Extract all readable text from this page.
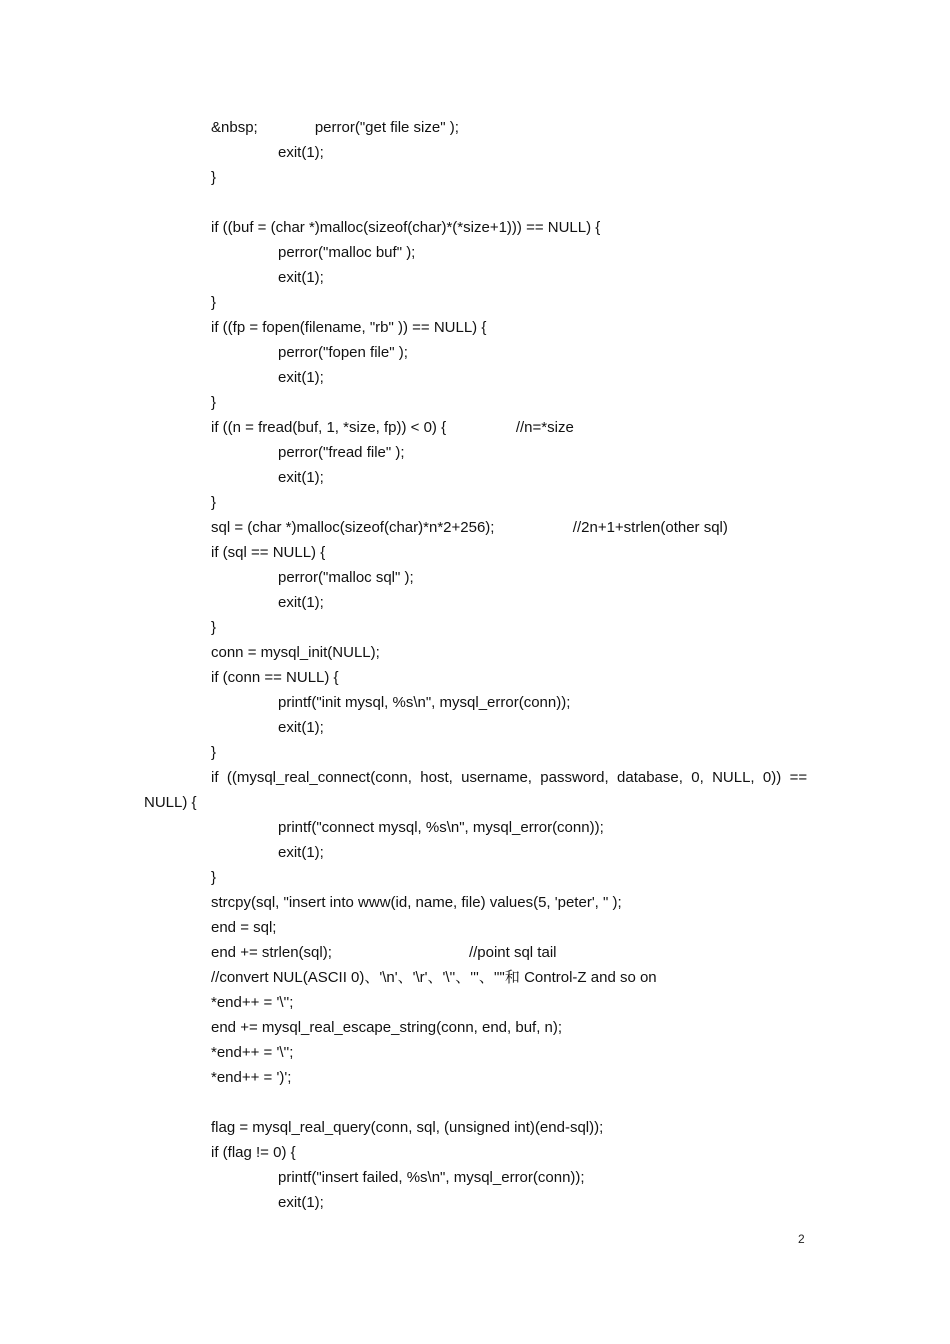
&nbsp;	perror("get file size" );
exit(1);
}
if ((buf = (char *)malloc(sizeof(char)*(*size+1))) == NULL) {
perror("malloc buf" );
exit(1);
}
if ((fp = fopen(filename, "rb" )) == NULL) {
perror("fopen file" );
exit(1);
}
if ((n = fread(buf, 1, *size, fp)) < 0) {	//n=*size
perror("fread file" );
exit(1);
}
sql = (char *)malloc(sizeof(char)*n*2+256);	//2n+1+strlen(other sql)
if (sql == NULL) {
perror("malloc sql" );
exit(1);
}
conn = mysql_init(NULL);
if (conn == NULL) {
printf("init mysql, %s\n", mysql_error(conn));
exit(1);
}
if  ((mysql_real_connect(conn,  host,  username,  password,  database,  0,  NULL,  0))  ==
NULL) {
printf("connect mysql, %s\n", mysql_error(conn));
exit(1);
}
strcpy(sql, "insert into www(id, name, file) values(5, 'peter', " );
end = sql;
end += strlen(sql);	//point sql tail
//convert NUL(ASCII 0)、'\n'、'\r'、'\''、'''、'"'和 Control-Z and so on
*end++ = '\'';
end += mysql_real_escape_string(conn, end, buf, n);
*end++ = '\'';
*end++ = ')';
flag = mysql_real_query(conn, sql, (unsigned int)(end-sql));
if (flag != 0) {
printf("insert failed, %s\n", mysql_error(conn));
exit(1);
2
